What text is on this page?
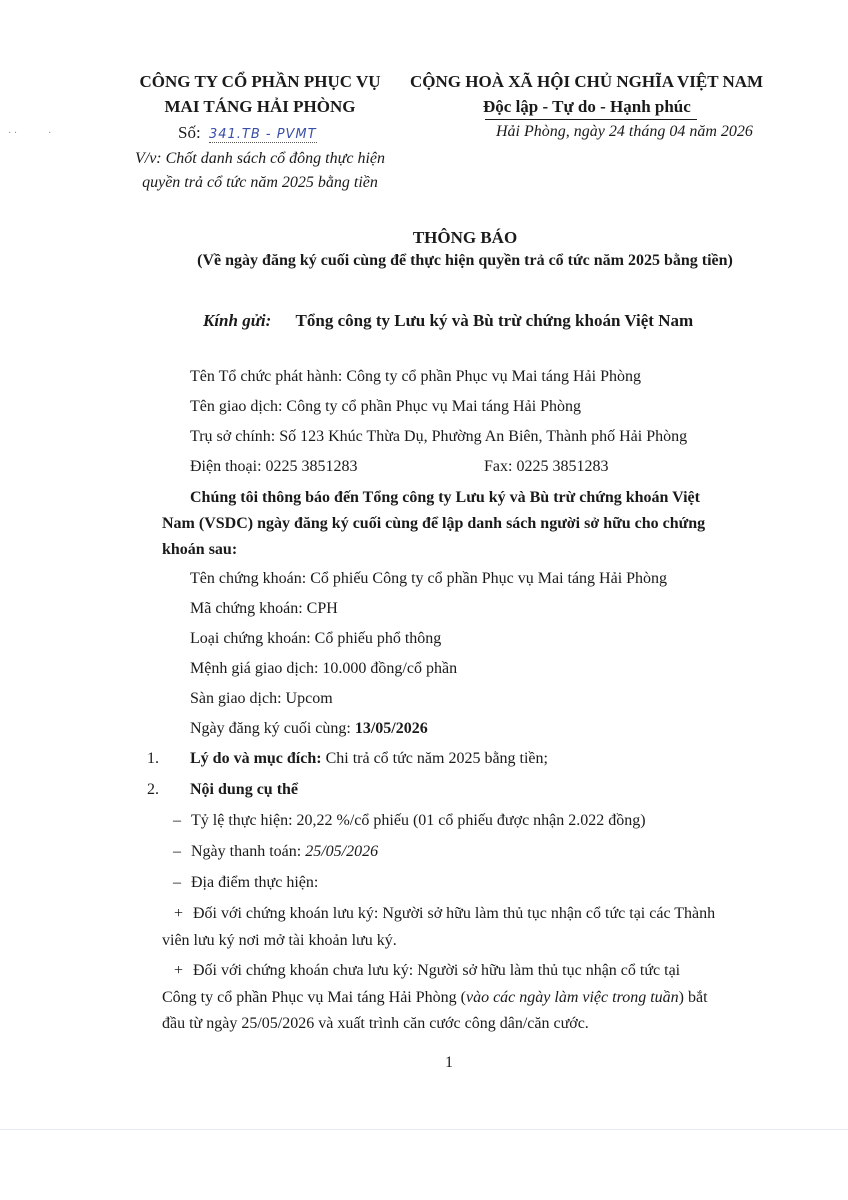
CÔNG TY CỔ PHẦN PHỤC VỤ
MAI TÁNG HẢI PHÒNG
Số: 341.TB - PVMT
· ·	·
V/v: Chốt danh sách cổ đông thực hiện
quyền trả cổ tức năm 2025 bằng tiền
CỘNG HOÀ XÃ HỘI CHỦ NGHĨA VIỆT NAM
Độc lập - Tự do - Hạnh phúc
Hải Phòng, ngày 24 tháng 04 năm 2026
THÔNG BÁO
(Về ngày đăng ký cuối cùng để thực hiện quyền trả cổ tức năm 2025 bằng tiền)
Kính gửi: Tổng công ty Lưu ký và Bù trừ chứng khoán Việt Nam
Tên Tổ chức phát hành: Công ty cổ phần Phục vụ Mai táng Hải Phòng
Tên giao dịch: Công ty cổ phần Phục vụ Mai táng Hải Phòng
Trụ sở chính: Số 123 Khúc Thừa Dụ, Phường An Biên, Thành phố Hải Phòng
Điện thoại: 0225 3851283	Fax: 0225 3851283
Chúng tôi thông báo đến Tổng công ty Lưu ký và Bù trừ chứng khoán Việt
Nam (VSDC) ngày đăng ký cuối cùng để lập danh sách người sở hữu cho chứng
khoán sau:
Tên chứng khoán: Cổ phiếu Công ty cổ phần Phục vụ Mai táng Hải Phòng
Mã chứng khoán: CPH
Loại chứng khoán: Cổ phiếu phổ thông
Mệnh giá giao dịch: 10.000 đồng/cổ phần
Sàn giao dịch: Upcom
Ngày đăng ký cuối cùng: 13/05/2026
1. Lý do và mục đích: Chi trả cổ tức năm 2025 bằng tiền;
2. Nội dung cụ thể
– Tỷ lệ thực hiện: 20,22 %/cổ phiếu (01 cổ phiếu được nhận 2.022 đồng)
– Ngày thanh toán: 25/05/2026
– Địa điểm thực hiện:
+ Đối với chứng khoán lưu ký: Người sở hữu làm thủ tục nhận cổ tức tại các Thành
viên lưu ký nơi mở tài khoản lưu ký.
+ Đối với chứng khoán chưa lưu ký: Người sở hữu làm thủ tục nhận cổ tức tại
Công ty cổ phần Phục vụ Mai táng Hải Phòng (vào các ngày làm việc trong tuần) bắt
đầu từ ngày 25/05/2026 và xuất trình căn cước công dân/căn cước.
1
